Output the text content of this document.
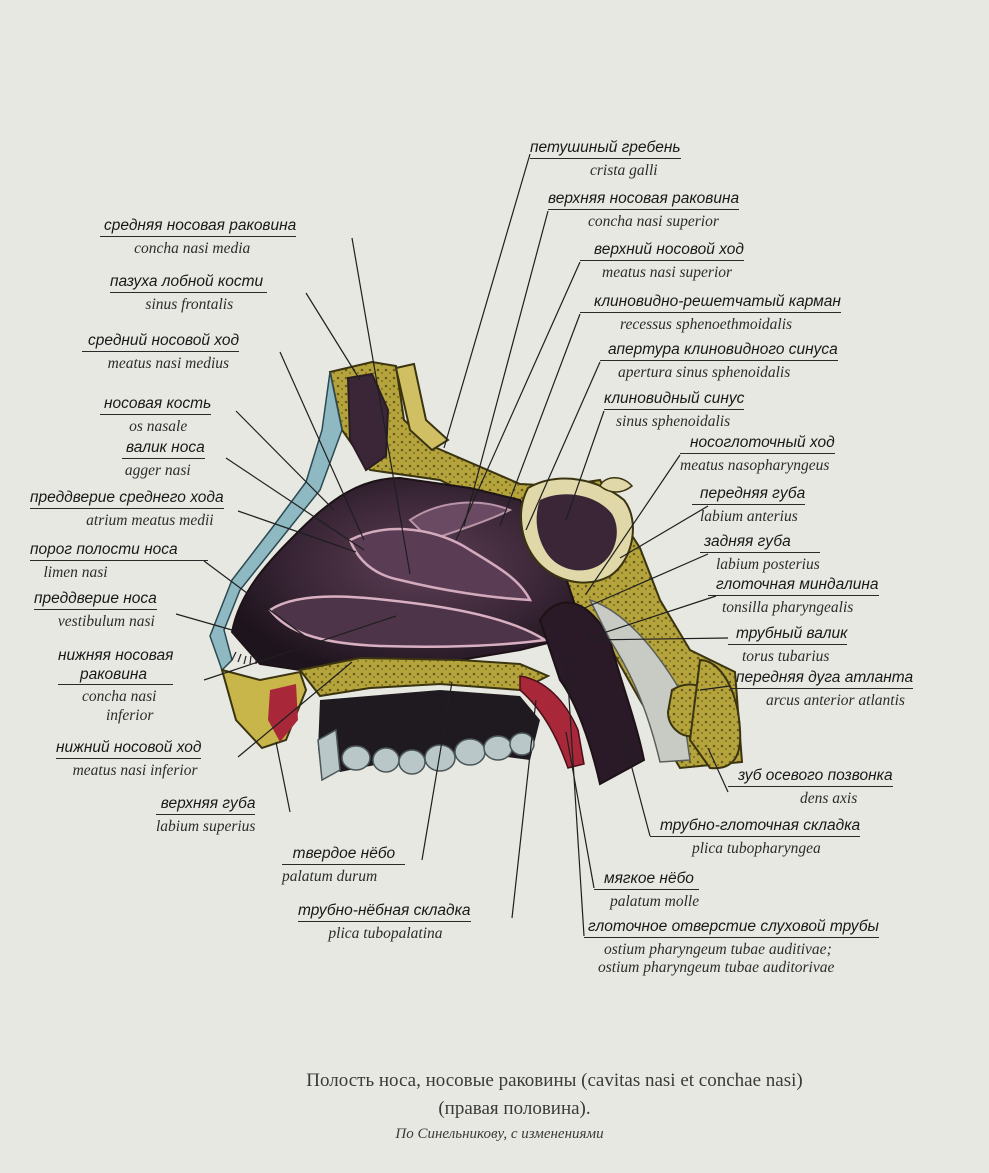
петушиный гребень
crista galli
верхняя носовая раковина
concha nasi superior
верхний носовой ход
meatus nasi superior
клиновидно-решетчатый карман
recessus sphenoethmoidalis
апертура клиновидного синуса
apertura sinus sphenoidalis
клиновидный синус
sinus sphenoidalis
носоглоточный ход
meatus nasopharyngeus
передняя губа
labium anterius
задняя губа
labium posterius
глоточная миндалина
tonsilla pharyngealis
трубный валик
torus tubarius
передняя дуга атланта
arcus anterior atlantis
зуб осевого позвонка
dens axis
трубно-глоточная складка
plica tubopharyngea
мягкое нёбо
palatum molle
глоточное отверстие слуховой трубы
ostium pharyngeum tubae auditivae;
ostium pharyngeum tubae auditorivae
средняя носовая раковина
concha nasi media
пазуха лобной кости
sinus frontalis
средний носовой ход
meatus nasi medius
носовая кость
os nasale
валик носа
agger nasi
преддверие среднего хода
atrium meatus medii
порог полости носа
limen nasi
преддверие носа
vestibulum nasi
нижняя носовая
раковина
concha nasi
inferior
нижний носовой ход
meatus nasi inferior
верхняя губа
labium superius
твердое нёбо
palatum durum
трубно-нёбная складка
plica tubopalatina
Полость носа, носовые раковины (cavitas nasi et conchae nasi)
(правая половина).
По Синельникову, с изменениями
